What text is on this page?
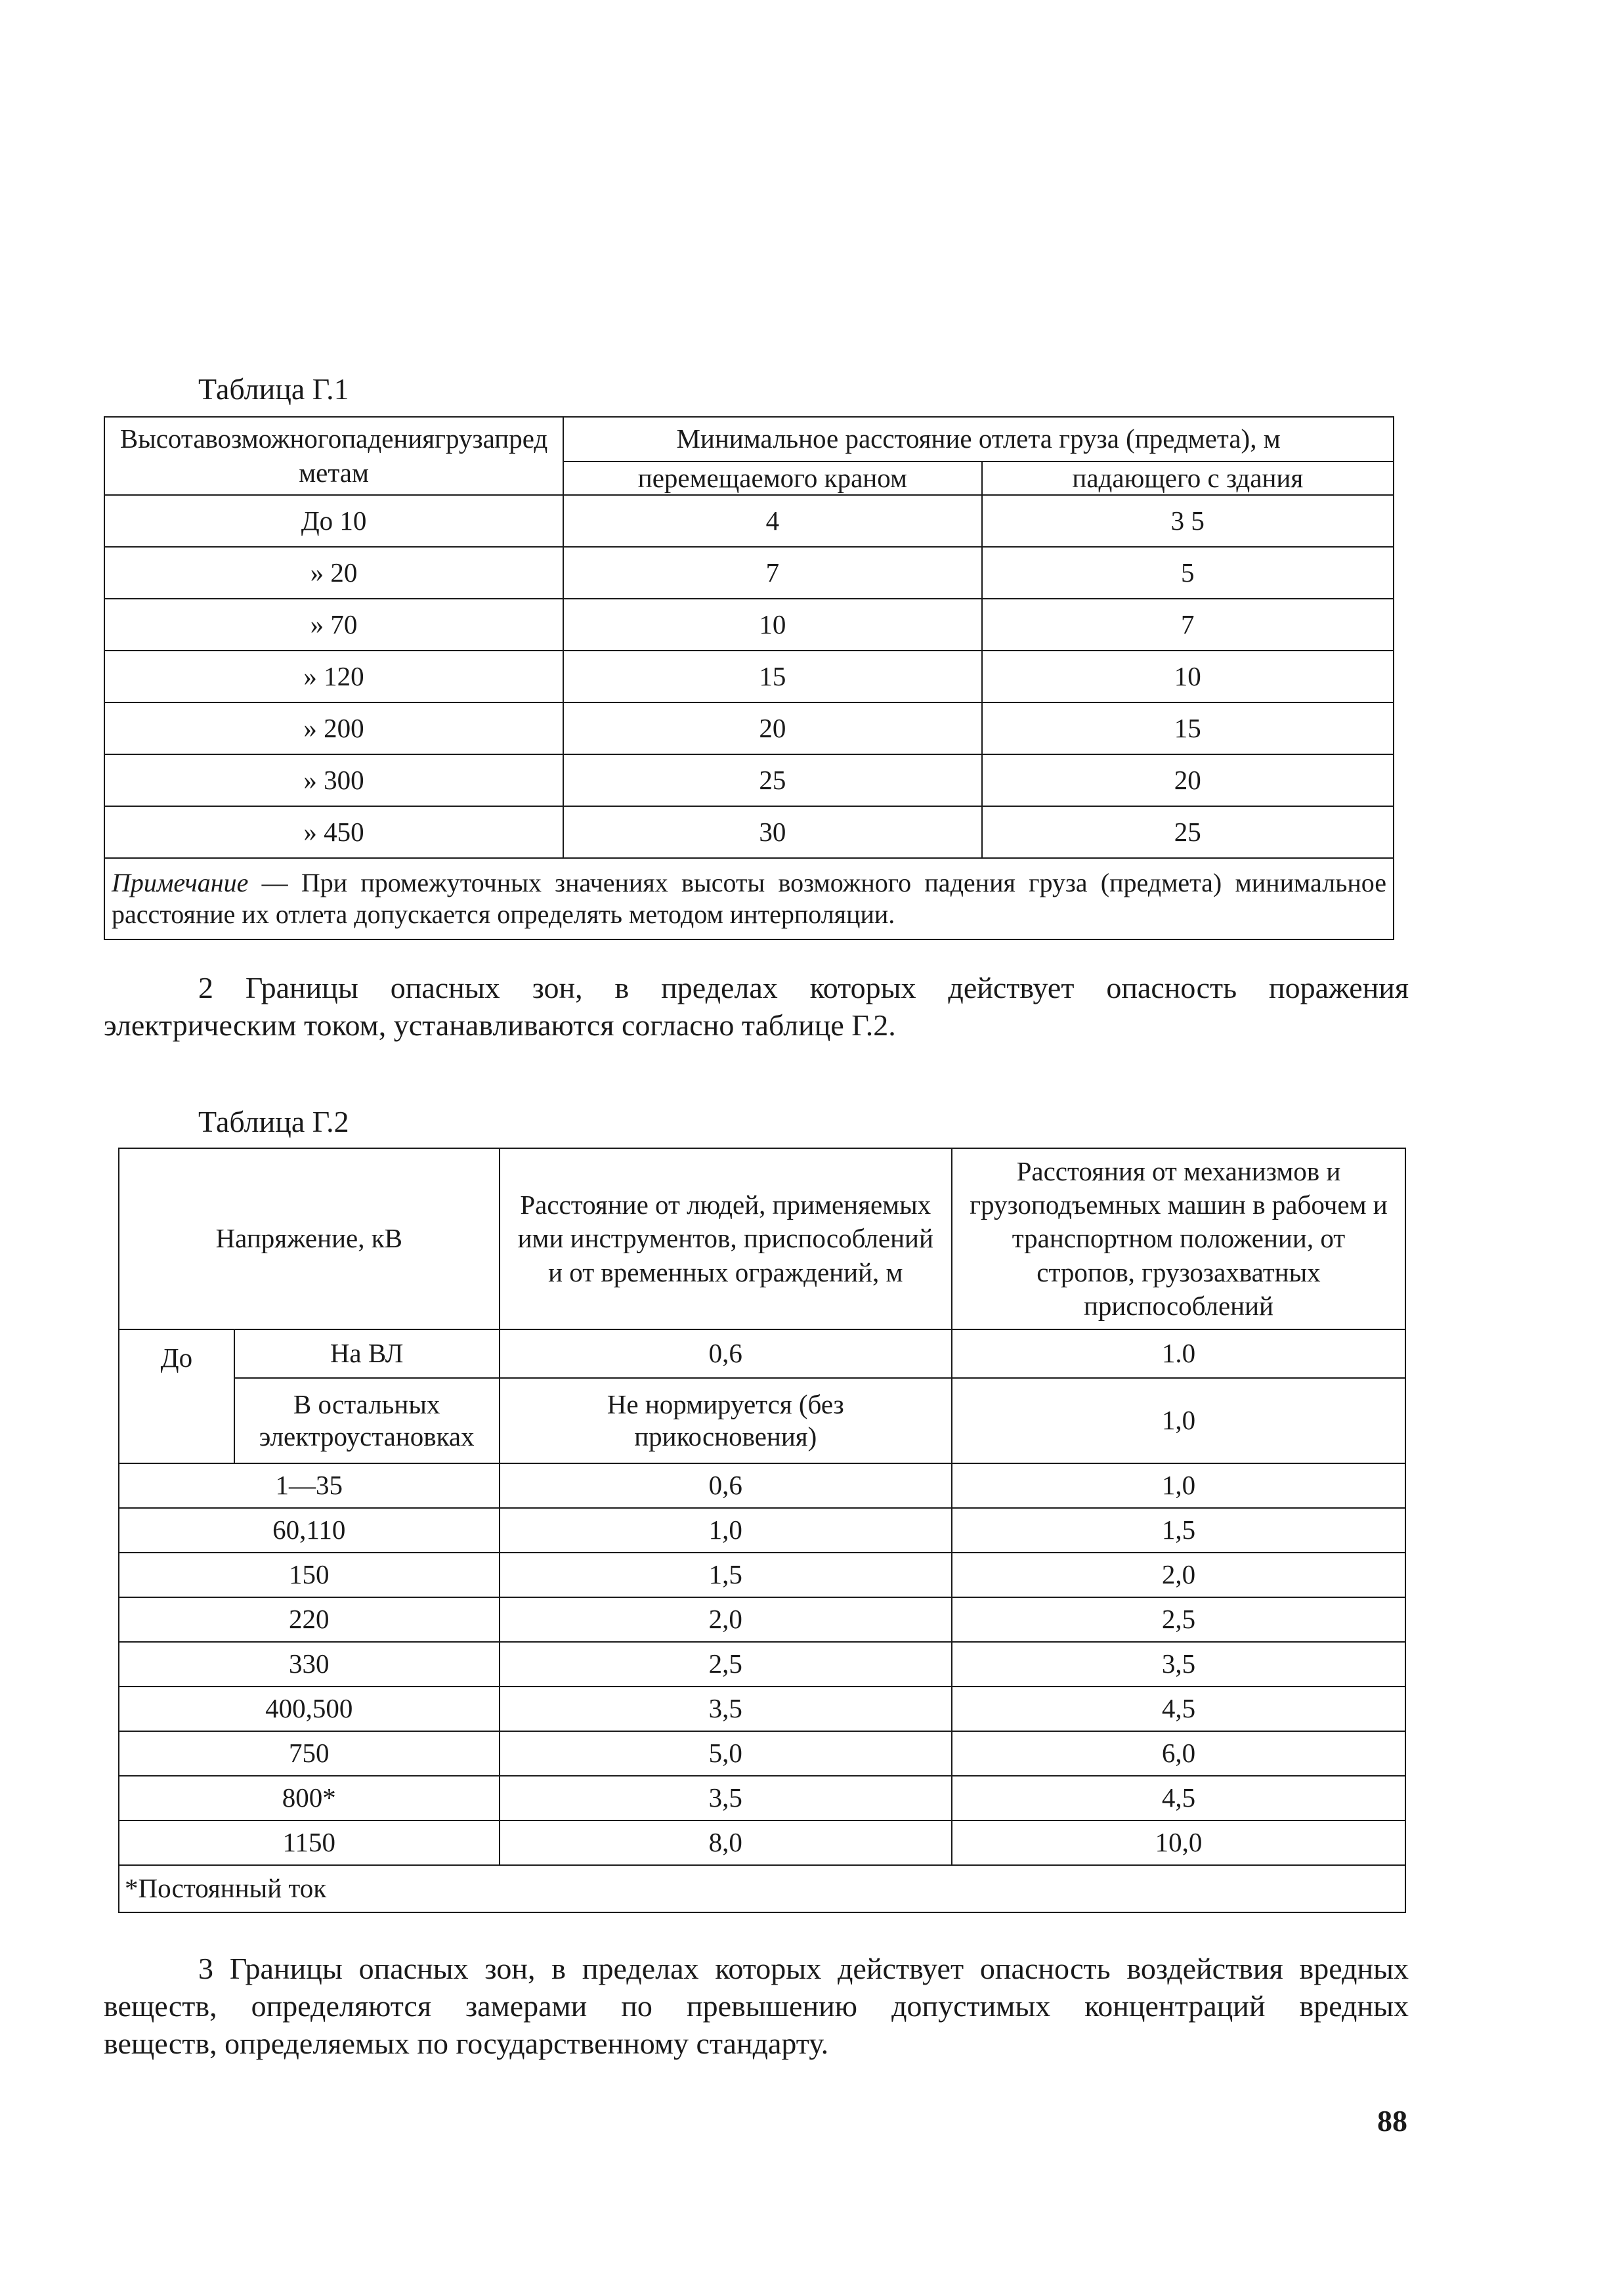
Таблица Г.1
Высотавозможногопадениягрузапредметам	Минимальное расстояние отлета груза (предмета), м	
	перемещаемого краном	падающего с здания
До 10	4	3 5
» 20	7	5
» 70	10	7
» 120	15	10
» 200	20	15
» 300	25	20
» 450	30	25
Примечание — При промежуточных значениях высоты возможного падения груза (предмета) минимальное расстояние их отлета допускается определять методом интерполяции.		
2 Границы опасных зон, в пределах которых действует опасность поражения
электрическим током, устанавливаются согласно таблице Г.2.
Таблица Г.2
Напряжение, кВ		Расстояние от людей, применяемых ими инструментов, приспособлений и от временных ограждений, м	Расстояния от механизмов и грузоподъемных машин в рабочем и транспортном положении, от стропов, грузозахватных приспособлений
До	На ВЛ	0,6	1.0
	В остальных электроустановках	Не нормируется (без прикосновения)	1,0
1—35		0,6	1,0
60,110		1,0	1,5
150		1,5	2,0
220		2,0	2,5
330		2,5	3,5
400,500		3,5	4,5
750		5,0	6,0
800*		3,5	4,5
1150		8,0	10,0
*Постоянный ток			
3 Границы опасных зон, в пределах которых действует опасность воздействия вредных
веществ, определяются замерами по превышению допустимых концентраций вредных
веществ, определяемых по государственному стандарту.
88
